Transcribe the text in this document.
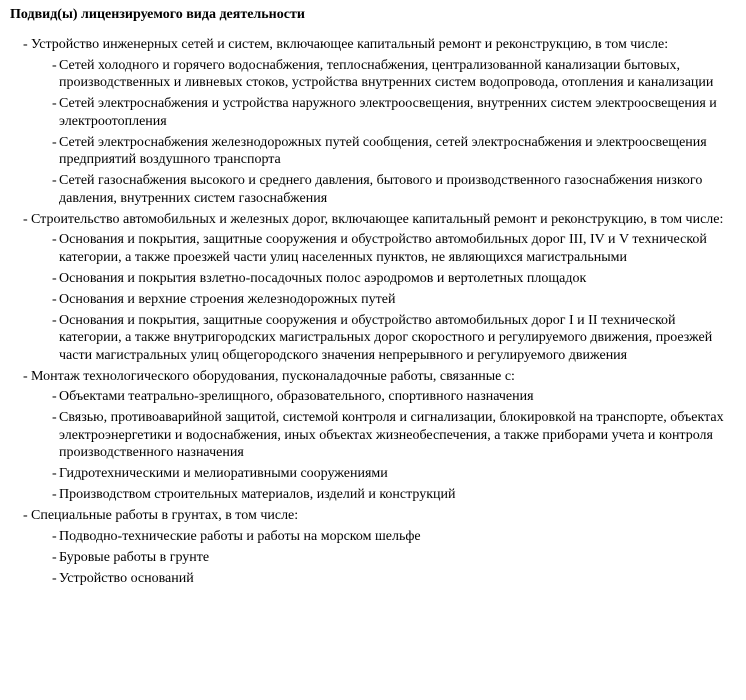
Подвид(ы) лицензируемого вида деятельности
- Устройство инженерных сетей и систем, включающее капитальный ремонт и реконструкцию, в том числе:
- Сетей холодного и горячего водоснабжения, теплоснабжения, централизованной канализации бытовых, производственных и ливневых стоков, устройства внутренних систем водопровода, отопления и канализации
- Сетей электроснабжения и устройства наружного электроосвещения, внутренних систем электроосвещения и электроотопления
- Сетей электроснабжения железнодорожных путей сообщения, сетей электроснабжения и электроосвещения предприятий воздушного транспорта
- Сетей газоснабжения высокого и среднего давления, бытового и производственного газоснабжения низкого давления, внутренних систем газоснабжения
- Строительство автомобильных и железных дорог, включающее капитальный ремонт и реконструкцию, в том числе:
- Основания и покрытия, защитные сооружения и обустройство автомобильных дорог III, IV и V технической категории, а также проезжей части улиц населенных пунктов, не являющихся магистральными
- Основания и покрытия взлетно-посадочных полос аэродромов и вертолетных площадок
- Основания и верхние строения железнодорожных путей
- Основания и покрытия, защитные сооружения и обустройство автомобильных дорог I и II технической категории, а также внутригородских магистральных дорог скоростного и регулируемого движения, проезжей части магистральных улиц общегородского значения непрерывного и регулируемого движения
- Монтаж технологического оборудования, пусконаладочные работы, связанные с:
- Объектами театрально-зрелищного, образовательного, спортивного назначения
- Связью, противоаварийной защитой, системой контроля и сигнализации, блокировкой на транспорте, объектах электроэнергетики и водоснабжения, иных объектах жизнеобеспечения, а также приборами учета и контроля производственного назначения
- Гидротехническими и мелиоративными сооружениями
- Производством строительных материалов, изделий и конструкций
- Специальные работы в грунтах, в том числе:
- Подводно-технические работы и работы на морском шельфе
- Буровые работы в грунте
- Устройство оснований
